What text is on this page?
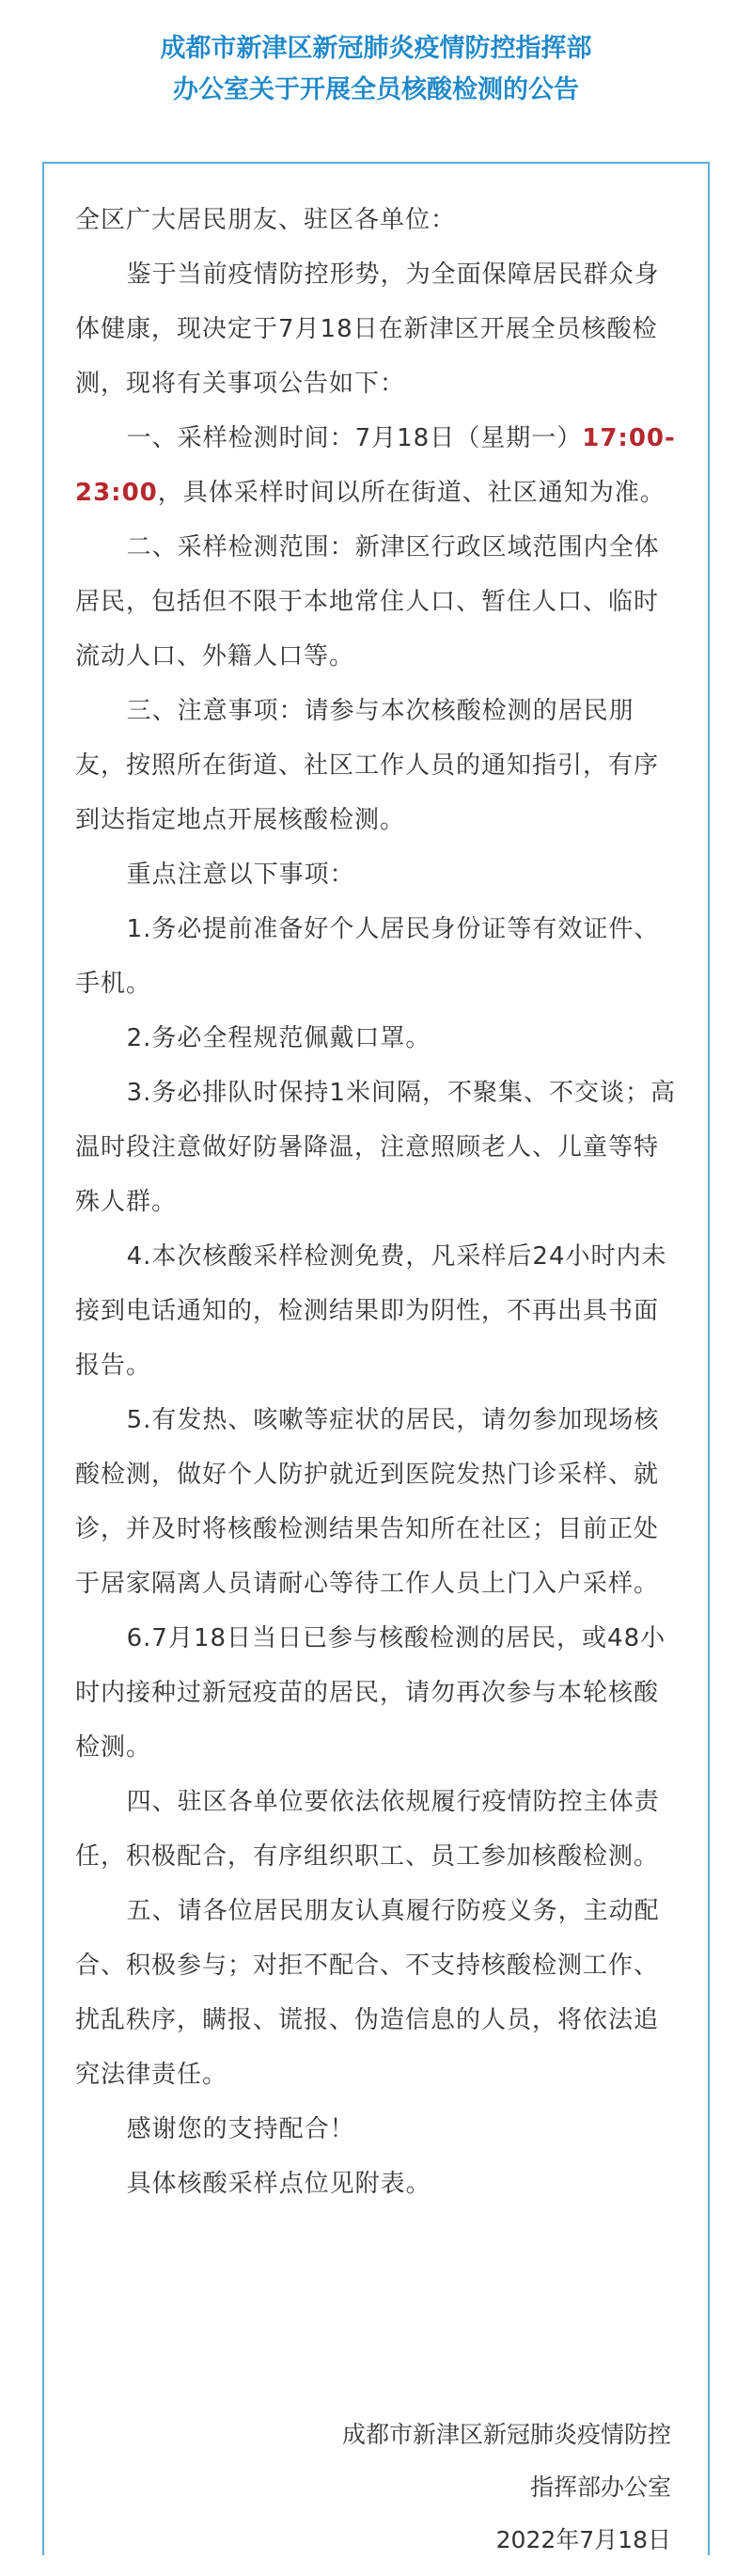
成都市新津区新冠肺炎疫情防控指挥部
办公室关于开展全员核酸检测的公告

全区广大居民朋友、驻区各单位：

鉴于当前疫情防控形势，为全面保障居民群众身体健康，现决定于7月18日在新津区开展全员核酸检测，现将有关事项公告如下：

一、采样检测时间：7月18日（星期一）17:00-23:00，具体采样时间以所在街道、社区通知为准。

二、采样检测范围：新津区行政区域范围内全体居民，包括但不限于本地常住人口、暂住人口、临时流动人口、外籍人口等。

三、注意事项：请参与本次核酸检测的居民朋友，按照所在街道、社区工作人员的通知指引，有序到达指定地点开展核酸检测。

重点注意以下事项：

1.务必提前准备好个人居民身份证等有效证件、手机。

2.务必全程规范佩戴口罩。

3.务必排队时保持1米间隔，不聚集、不交谈；高温时段注意做好防暑降温，注意照顾老人、儿童等特殊人群。

4.本次核酸采样检测免费，凡采样后24小时内未接到电话通知的，检测结果即为阴性，不再出具书面报告。

5.有发热、咳嗽等症状的居民，请勿参加现场核酸检测，做好个人防护就近到医院发热门诊采样、就诊，并及时将核酸检测结果告知所在社区；目前正处于居家隔离人员请耐心等待工作人员上门入户采样。

6.7月18日当日已参与核酸检测的居民，或48小时内接种过新冠疫苗的居民，请勿再次参与本轮核酸检测。

四、驻区各单位要依法依规履行疫情防控主体责任，积极配合，有序组织职工、员工参加核酸检测。

五、请各位居民朋友认真履行防疫义务，主动配合、积极参与；对拒不配合、不支持核酸检测工作、扰乱秩序，瞒报、谎报、伪造信息的人员，将依法追究法律责任。

感谢您的支持配合！

具体核酸采样点位见附表。

成都市新津区新冠肺炎疫情防控
指挥部办公室
2022年7月18日
